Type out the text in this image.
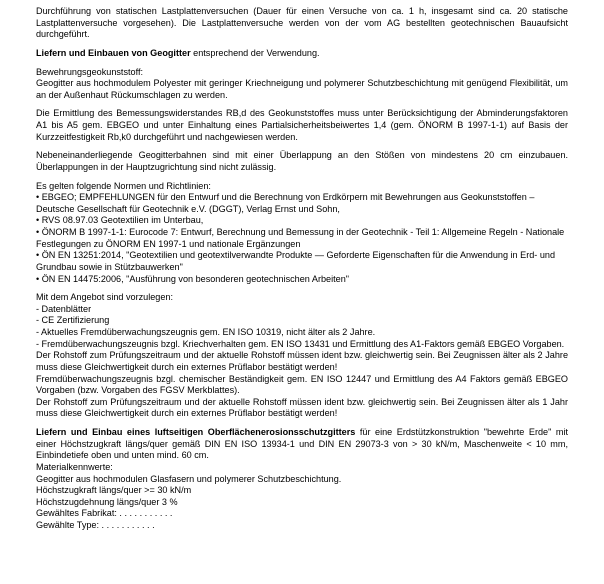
Durchführung von statischen Lastplattenversuchen (Dauer für einen Versuche von ca. 1 h, insgesamt sind ca. 20 statische Lastplattenversuche vorgesehen). Die Lastplattenversuche werden von der vom AG bestellten geotechnischen Bauaufsicht durchgeführt.

Liefern und Einbauen von Geogitter entsprechend der Verwendung.

Bewehrungsgeokunststoff:

Geogitter aus hochmodulem Polyester mit geringer Kriechneigung und polymerer Schutzbeschichtung mit genügend Flexibilität, um an der Außenhaut Rückumschlagen zu werden.

Die Ermittlung des Bemessungswiderstandes RB,d des Geokunststoffes muss unter Berücksichtigung der Abminderungsfaktoren A1 bis A5 gem. EBGEO und unter Einhaltung eines Partialsicherheitsbeiwertes 1,4 (gem. ÖNORM B 1997-1-1) auf Basis der Kurzzeitfestigkeit Rb,k0 durchgeführt und nachgewiesen werden.

Nebeneinanderliegende Geogitterbahnen sind mit einer Überlappung an den Stößen von mindestens 20 cm einzubauen. Überlappungen in der Hauptzugrichtung sind nicht zulässig.

Es gelten folgende Normen und Richtlinien:

• EBGEO; EMPFEHLUNGEN für den Entwurf und die Berechnung von Erdkörpern mit Bewehrungen aus Geokunststoffen – Deutsche Gesellschaft für Geotechnik e.V. (DGGT), Verlag Ernst und Sohn,

• RVS 08.97.03 Geotextilien im Unterbau,

• ÖNORM B 1997-1-1: Eurocode 7: Entwurf, Berechnung und Bemessung in der Geotechnik - Teil 1: Allgemeine Regeln - Nationale Festlegungen zu ÖNORM EN 1997-1 und nationale Ergänzungen

• ÖN EN 13251:2014, "Geotextilien und geotextilverwandte Produkte — Geforderte Eigenschaften für die Anwendung in Erd- und Grundbau sowie in Stützbauwerken"

• ÖN EN 14475:2006, "Ausführung von besonderen geotechnischen Arbeiten"

Mit dem Angebot sind vorzulegen:

- Datenblätter

- CE Zertifizierung

- Aktuelles Fremdüberwachungszeugnis gem. EN ISO 10319, nicht älter als 2 Jahre.

- Fremdüberwachungszeugnis bzgl. Kriechverhalten gem. EN ISO 13431 und Ermittlung des A1-Faktors gemäß EBGEO Vorgaben.

Der Rohstoff zum Prüfungszeitraum und der aktuelle Rohstoff müssen ident bzw. gleichwertig sein. Bei Zeugnissen älter als 2 Jahre muss diese Gleichwertigkeit durch ein externes Prüflabor bestätigt werden!

Fremdüberwachungszeugnis bzgl. chemischer Beständigkeit gem. EN ISO 12447 und Ermittlung des A4 Faktors gemäß EBGEO Vorgaben (bzw. Vorgaben des FGSV Merkblattes).

Der Rohstoff zum Prüfungszeitraum und der aktuelle Rohstoff müssen ident bzw. gleichwertig sein. Bei Zeugnissen älter als 1 Jahr muss diese Gleichwertigkeit durch ein externes Prüflabor bestätigt werden!

Liefern und Einbau eines luftseitigen Oberflächenerosionsschutzgitters für eine Erdstützkonstruktion "bewehrte Erde" mit einer Höchstzugkraft längs/quer gemäß DIN EN ISO 13934-1 und DIN EN 29073-3 von > 30 kN/m, Maschenweite < 10 mm, Einbindetiefe oben und unten mind. 60 cm.

Materialkennwerte:

Geogitter aus hochmodulen Glasfasern und polymerer Schutzbeschichtung.

Höchstzugkraft längs/quer >= 30 kN/m

Höchstzugdehnung längs/quer 3 %

Gewähltes Fabrikat: . . . . . . . . . . .

Gewählte Type: . . . . . . . . . . .
